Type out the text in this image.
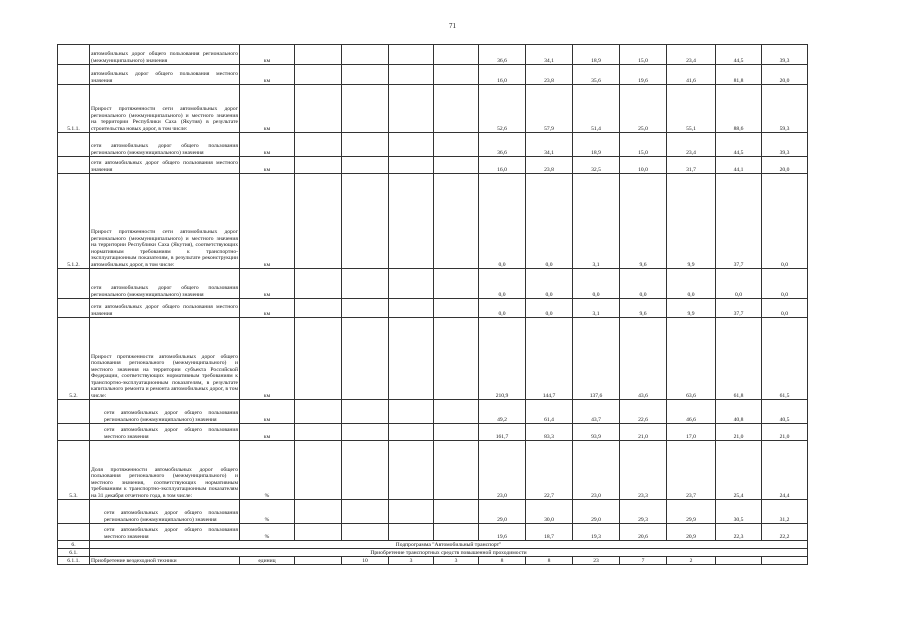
71
	автомобильных дорог общего пользования регионального (межмуниципального) значения	км					36,6	34,1	18,9	15,0	23,4	44,5	39,3
	автомобильных дорог общего пользования местного значения	км					16,0	23,8	35,6	19,6	41,6	81,8	20,0
5.1.1.	Прирост протяженности сети автомобильных дорог регионального (межмуниципального) и местного значения на территории Республики Саха (Якутия) в результате строительства новых дорог, в том числе:	км					52,6	57,9	51,4	25,0	55,1	88,6	59,3
	сети автомобильных дорог общего пользования регионального (межмуниципального) значения	км					36,6	34,1	18,9	15,0	23,4	44,5	39,3
	сети автомобильных дорог общего пользования местного значения	км					16,0	23,8	32,5	10,0	31,7	44,1	20,0
5.1.2.	Прирост протяженности сети автомобильных дорог регионального (межмуниципального) и местного значения на территории Республики Саха (Якутия), соответствующих нормативным требованиям к транспортно-эксплуатационным показателям, в результате реконструкции автомобильных дорог, в том числе:	км					0,0	0,0	3,1	9,6	9,9	37,7	0,0
	сети автомобильных дорог общего пользования регионального (межмуниципального) значения	км					0,0	0,0	0,0	0,0	0,0	0,0	0,0
	сети автомобильных дорог общего пользования местного значения	км					0,0	0,0	3,1	9,6	9,9	37,7	0,0
5.2.	Прирост протяженности автомобильных дорог общего пользования регионального (межмуниципального) и местного значения на территории субъекта Российской Федерации, соответствующих нормативным требованиям к транспортно-эксплуатационным показателям, в результате капитального ремонта и ремонта автомобильных дорог, в том числе:	км					210,9	144,7	137,6	43,6	63,6	61,8	61,5
	сети автомобильных дорог общего пользования регионального (межмуниципального) значения	км					49,2	61,4	43,7	22,6	46,6	40,8	40,5
	сети автомобильных дорог общего пользования местного значения	км					161,7	83,3	93,9	21,0	17,0	21,0	21,0
5.3.	Доля протяженности автомобильных дорог общего пользования регионального (межмуниципального) и местного значения, соответствующих нормативным требованиям к транспортно-эксплуатационным показателям на 31 декабря отчетного года, в том числе:	%					23,0	22,7	23,0	23,3	23,7	25,4	24,4
	сети автомобильных дорог общего пользования регионального (межмуниципального) значения	%					29,0	30,0	29,0	29,3	29,9	30,5	31,2
	сети автомобильных дорог общего пользования местного значения	%					19,6	18,7	19,3	20,6	20,9	22,3	22,2
6.	Подпрограмма "Автомобильный транспорт"												
6.1.	Приобретение транспортных средств повышенной проходимости												
6.1.1.	Приобретение вездеходной техники	единиц		10	3	3	8	8	23	7	2		
